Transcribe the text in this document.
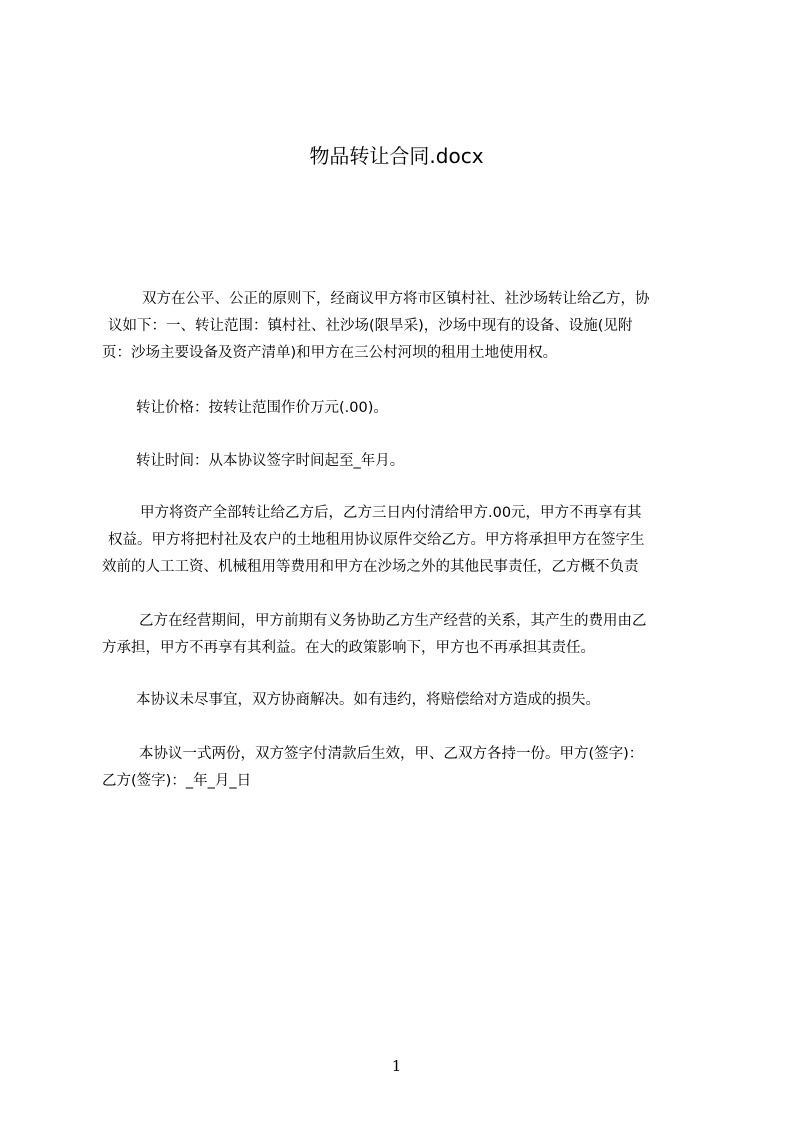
物品转让合同.docx
双方在公平、公正的原则下，经商议甲方将市区镇村社、社沙场转让给乙方，协
议如下：一、转让范围：镇村社、社沙场(限旱采)，沙场中现有的设备、设施(见附
页：沙场主要设备及资产清单)和甲方在三公村河坝的租用土地使用权。
转让价格：按转让范围作价万元(.00)。
转让时间：从本协议签字时间起至_年月。
甲方将资产全部转让给乙方后，乙方三日内付清给甲方.00元，甲方不再享有其
权益。甲方将把村社及农户的土地租用协议原件交给乙方。甲方将承担甲方在签字生
效前的人工工资、机械租用等费用和甲方在沙场之外的其他民事责任，乙方概不负责
乙方在经营期间，甲方前期有义务协助乙方生产经营的关系，其产生的费用由乙
方承担，甲方不再享有其利益。在大的政策影响下，甲方也不再承担其责任。
本协议未尽事宜，双方协商解决。如有违约，将赔偿给对方造成的损失。
本协议一式两份，双方签字付清款后生效，甲、乙双方各持一份。甲方(签字)：
乙方(签字)：_年_月_日
1
